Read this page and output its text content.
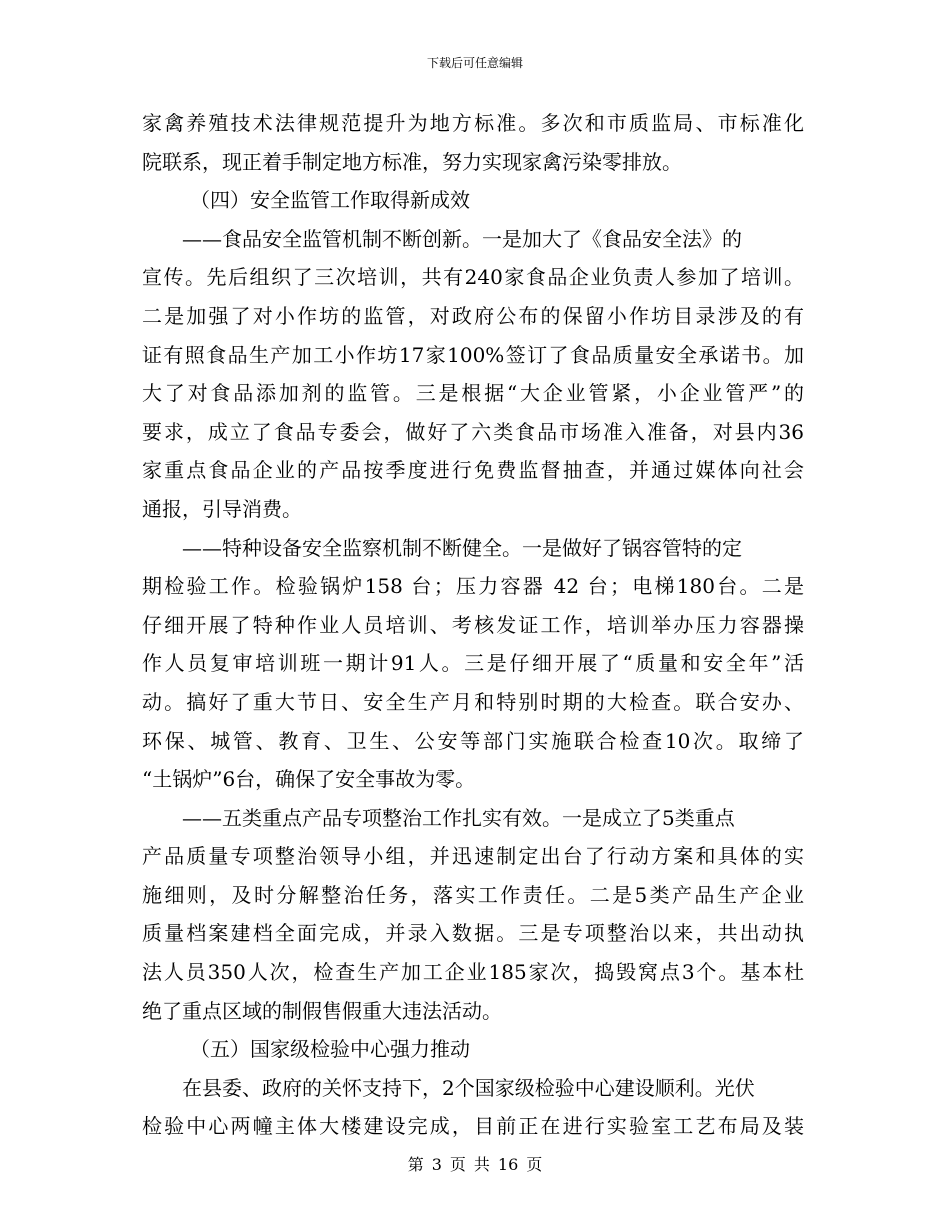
下载后可任意编辑
家禽养殖技术法律规范提升为地方标准。多次和市质监局、市标准化
院联系，现正着手制定地方标准，努力实现家禽污染零排放。
（四）安全监管工作取得新成效
——食品安全监管机制不断创新。一是加大了《食品安全法》的
宣传。先后组织了三次培训，共有240家食品企业负责人参加了培训。
二是加强了对小作坊的监管，对政府公布的保留小作坊目录涉及的有
证有照食品生产加工小作坊17家100%签订了食品质量安全承诺书。加
大了对食品添加剂的监管。三是根据“大企业管紧，小企业管严”的
要求，成立了食品专委会，做好了六类食品市场准入准备，对县内36
家重点食品企业的产品按季度进行免费监督抽查，并通过媒体向社会
通报，引导消费。
——特种设备安全监察机制不断健全。一是做好了锅容管特的定
期检验工作。检验锅炉158 台；压力容器 42 台；电梯180台。二是
仔细开展了特种作业人员培训、考核发证工作，培训举办压力容器操
作人员复审培训班一期计91人。三是仔细开展了“质量和安全年”活
动。搞好了重大节日、安全生产月和特别时期的大检查。联合安办、
环保、城管、教育、卫生、公安等部门实施联合检查10次。取缔了
“土锅炉”6台，确保了安全事故为零。
——五类重点产品专项整治工作扎实有效。一是成立了5类重点
产品质量专项整治领导小组，并迅速制定出台了行动方案和具体的实
施细则，及时分解整治任务，落实工作责任。二是5类产品生产企业
质量档案建档全面完成，并录入数据。三是专项整治以来，共出动执
法人员350人次，检查生产加工企业185家次，捣毁窝点3个。基本杜
绝了重点区域的制假售假重大违法活动。
（五）国家级检验中心强力推动
在县委、政府的关怀支持下，2个国家级检验中心建设顺利。光伏
检验中心两幢主体大楼建设完成，目前正在进行实验室工艺布局及装
第 3 页 共 16 页
